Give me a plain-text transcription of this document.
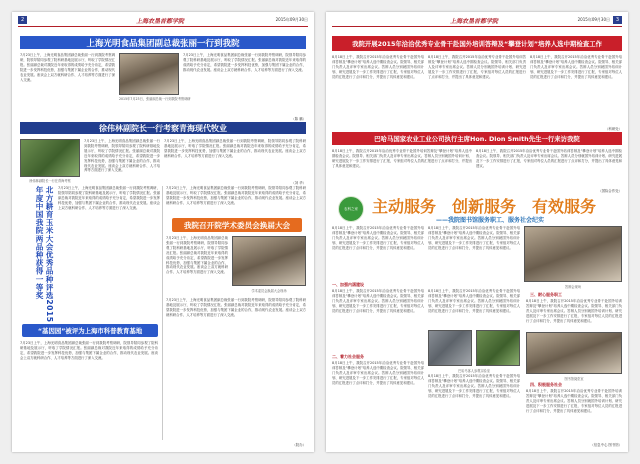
2	上海农垦首都学院	2015年09月30日
上海光明食品集团副总裁张丽一行到我院
7月23日上午，上海光明食品集团副总裁张丽一行到我院考察调研，院领导陪同参观了院科研基地及展示厅，听取了学院情况汇报。张丽副总裁对我院近年来取得的成绩给予充分肯定，希望我院进一步发挥科技优势，加强与集团下属企业的合作，推动现代农业发展。座谈会上双方就科研合作、人才培养等方面进行了深入交流。
2015年7月23日，张丽副总裁一行到我院考察调研
7月23日上午，上海光明食品集团副总裁张丽一行到我院考察调研，院领导陪同参观了院科研基地及展示厅，听取了学院情况汇报。张丽副总裁对我院近年来取得的成绩给予充分肯定，希望我院进一步发挥科技优势，加强与集团下属企业的合作，推动现代农业发展。座谈会上双方就科研合作、人才培养等方面进行了深入交流。
（陈 鹏）
徐伟林副院长一行考察青海现代牧业
7月23日上午，上海光明食品集团副总裁张丽一行到我院考察调研，院领导陪同参观了院科研基地及展示厅，听取了学院情况汇报。张丽副总裁对我院近年来取得的成绩给予充分肯定，希望我院进一步发挥科技优势，加强与集团下属企业的合作，推动现代农业发展。座谈会上双方就科研合作、人才培养等方面进行了深入交流。
7月23日上午，上海光明食品集团副总裁张丽一行到我院考察调研，院领导陪同参观了院科研基地及展示厅，听取了学院情况汇报。张丽副总裁对我院近年来取得的成绩给予充分肯定，希望我院进一步发挥科技优势，加强与集团下属企业的合作，推动现代农业发展。座谈会上双方就科研合作、人才培养等方面进行了深入交流。
徐伟林副院长一行在青海考察	（刘 华）
北方耕育玉米大会优秀品种评选2015年度中国我院两品种获得一等奖	7月23日上午，上海光明食品集团副总裁张丽一行到我院考察调研，院领导陪同参观了院科研基地及展示厅，听取了学院情况汇报。张丽副总裁对我院近年来取得的成绩给予充分肯定，希望我院进一步发挥科技优势，加强与集团下属企业的合作，推动现代农业发展。座谈会上双方就科研合作、人才培养等方面进行了深入交流。
7月23日上午，上海光明食品集团副总裁张丽一行到我院考察调研，院领导陪同参观了院科研基地及展示厅，听取了学院情况汇报。张丽副总裁对我院近年来取得的成绩给予充分肯定，希望我院进一步发挥科技优势，加强与集团下属企业的合作，推动现代农业发展。座谈会上双方就科研合作、人才培养等方面进行了深入交流。
我院召开院学术委员会换届大会
7月23日上午，上海光明食品集团副总裁张丽一行到我院考察调研，院领导陪同参观了院科研基地及展示厅，听取了学院情况汇报。张丽副总裁对我院近年来取得的成绩给予充分肯定，希望我院进一步发挥科技优势，加强与集团下属企业的合作，推动现代农业发展。座谈会上双方就科研合作、人才培养等方面进行了深入交流。
学术委员会换届大会现场
7月23日上午，上海光明食品集团副总裁张丽一行到我院考察调研，院领导陪同参观了院科研基地及展示厅，听取了学院情况汇报。张丽副总裁对我院近年来取得的成绩给予充分肯定，希望我院进一步发挥科技优势，加强与集团下属企业的合作，推动现代农业发展。座谈会上双方就科研合作、人才培养等方面进行了深入交流。
（院办）
“基因园”被评为上海市科普教育基地
7月23日上午，上海光明食品集团副总裁张丽一行到我院考察调研，院领导陪同参观了院科研基地及展示厅，听取了学院情况汇报。张丽副总裁对我院近年来取得的成绩给予充分肯定，希望我院进一步发挥科技优势，加强与集团下属企业的合作，推动现代农业发展。座谈会上双方就科研合作、人才培养等方面进行了深入交流。
上海农垦首都学院	2015年09月30日	3
我院开展2015年洽洽优秀专业骨干赴国外培训答辩及“攀登计划”培养人选中期检查工作
8月18日上午，我院召开2015年洽洽优秀专业骨干赴国外培训答辩及“攀登计划”培养人选中期检查会议。院领导、相关部门负责人及评审专家出席会议。答辩人员分别就国外培训计划、研究进展及下一步工作安排进行了汇报，专家组对每位人员的汇报进行了点评和打分，并提出了具体意见和建议。
8月18日上午，我院召开2015年洽洽优秀专业骨干赴国外培训答辩及“攀登计划”培养人选中期检查会议。院领导、相关部门负责人及评审专家出席会议。答辩人员分别就国外培训计划、研究进展及下一步工作安排进行了汇报，专家组对每位人员的汇报进行了点评和打分，并提出了具体意见和建议。
8月18日上午，我院召开2015年洽洽优秀专业骨干赴国外培训答辩及“攀登计划”培养人选中期检查会议。院领导、相关部门负责人及评审专家出席会议。答辩人员分别就国外培训计划、研究进展及下一步工作安排进行了汇报，专家组对每位人员的汇报进行了点评和打分，并提出了具体意见和建议。
（科研处）
巴哈马国家农业工业公司执行主席Hon. Dion Smith先生一行来访我院
8月18日上午，我院召开2015年洽洽优秀专业骨干赴国外培训答辩及“攀登计划”培养人选中期检查会议。院领导、相关部门负责人及评审专家出席会议。答辩人员分别就国外培训计划、研究进展及下一步工作安排进行了汇报，专家组对每位人员的汇报进行了点评和打分，并提出了具体意见和建议。
8月18日上午，我院召开2015年洽洽优秀专业骨干赴国外培训答辩及“攀登计划”培养人选中期检查会议。院领导、相关部门负责人及评审专家出席会议。答辩人员分别就国外培训计划、研究进展及下一步工作安排进行了汇报，专家组对每位人员的汇报进行了点评和打分，并提出了具体意见和建议。
（国际合作处）
农科之家 主动服务  创新服务  有效服务
——我院图书馆服务职工、服务社会纪实
8月18日上午，我院召开2015年洽洽优秀专业骨干赴国外培训答辩及“攀登计划”培养人选中期检查会议。院领导、相关部门负责人及评审专家出席会议。答辩人员分别就国外培训计划、研究进展及下一步工作安排进行了汇报，专家组对每位人员的汇报进行了点评和打分，并提出了具体意见和建议。
8月18日上午，我院召开2015年洽洽优秀专业骨干赴国外培训答辩及“攀登计划”培养人选中期检查会议。院领导、相关部门负责人及评审专家出席会议。答辩人员分别就国外培训计划、研究进展及下一步工作安排进行了汇报，专家组对每位人员的汇报进行了点评和打分，并提出了具体意见和建议。
答辩会现场
一、加强内涵建设
8月18日上午，我院召开2015年洽洽优秀专业骨干赴国外培训答辩及“攀登计划”培养人选中期检查会议。院领导、相关部门负责人及评审专家出席会议。答辩人员分别就国外培训计划、研究进展及下一步工作安排进行了汇报，专家组对每位人员的汇报进行了点评和打分，并提出了具体意见和建议。
8月18日上午，我院召开2015年洽洽优秀专业骨干赴国外培训答辩及“攀登计划”培养人选中期检查会议。院领导、相关部门负责人及评审专家出席会议。答辩人员分别就国外培训计划、研究进展及下一步工作安排进行了汇报，专家组对每位人员的汇报进行了点评和打分，并提出了具体意见和建议。
三、耐心服务职工
8月18日上午，我院召开2015年洽洽优秀专业骨干赴国外培训答辩及“攀登计划”培养人选中期检查会议。院领导、相关部门负责人及评审专家出席会议。答辩人员分别就国外培训计划、研究进展及下一步工作安排进行了汇报，专家组对每位人员的汇报进行了点评和打分，并提出了具体意见和建议。
巴哈马客人参观实验室
图书馆阅览室
二、着力社会服务
8月18日上午，我院召开2015年洽洽优秀专业骨干赴国外培训答辩及“攀登计划”培养人选中期检查会议。院领导、相关部门负责人及评审专家出席会议。答辩人员分别就国外培训计划、研究进展及下一步工作安排进行了汇报，专家组对每位人员的汇报进行了点评和打分，并提出了具体意见和建议。
8月18日上午，我院召开2015年洽洽优秀专业骨干赴国外培训答辩及“攀登计划”培养人选中期检查会议。院领导、相关部门负责人及评审专家出席会议。答辩人员分别就国外培训计划、研究进展及下一步工作安排进行了汇报，专家组对每位人员的汇报进行了点评和打分，并提出了具体意见和建议。
四、积极服务社会
8月18日上午，我院召开2015年洽洽优秀专业骨干赴国外培训答辩及“攀登计划”培养人选中期检查会议。院领导、相关部门负责人及评审专家出席会议。答辩人员分别就国外培训计划、研究进展及下一步工作安排进行了汇报，专家组对每位人员的汇报进行了点评和打分，并提出了具体意见和建议。
（信息中心 图书馆）
